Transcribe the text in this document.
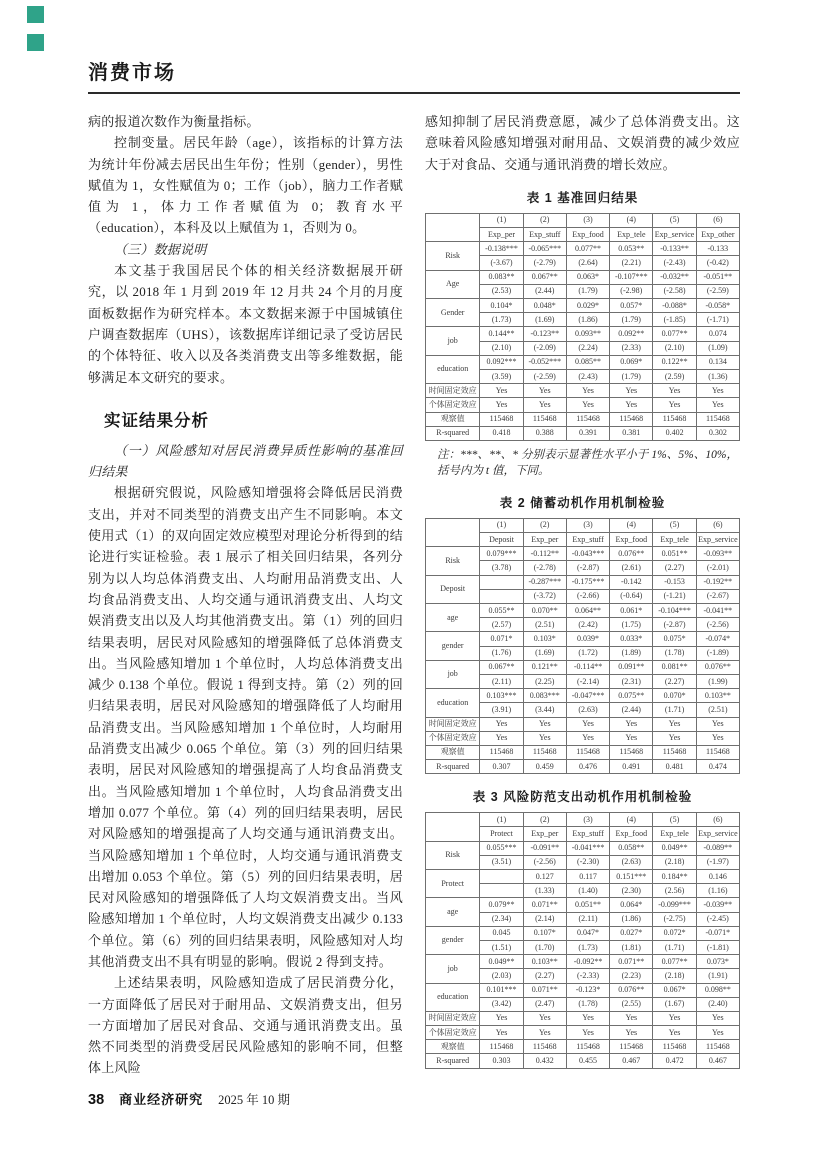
消费市场

病的报道次数作为衡量指标。

控制变量。居民年龄（age），该指标的计算方法为统计年份减去居民出生年份；性别（gender），男性赋值为 1，女性赋值为 0；工作（job），脑力工作者赋值为 1，体力工作者赋值为 0；教育水平（education），本科及以上赋值为 1，否则为 0。

（三）数据说明

本文基于我国居民个体的相关经济数据展开研究，以 2018 年 1 月到 2019 年 12 月共 24 个月的月度面板数据作为研究样本。本文数据来源于中国城镇住户调查数据库（UHS），该数据库详细记录了受访居民的个体特征、收入以及各类消费支出等多维数据，能够满足本文研究的要求。

实证结果分析

（一）风险感知对居民消费异质性影响的基准回归结果

根据研究假说，风险感知增强将会降低居民消费支出，并对不同类型的消费支出产生不同影响。本文使用式（1）的双向固定效应模型对理论分析得到的结论进行实证检验。表 1 展示了相关回归结果，各列分别为以人均总体消费支出、人均耐用品消费支出、人均食品消费支出、人均交通与通讯消费支出、人均文娱消费支出以及人均其他消费支出。第（1）列的回归结果表明，居民对风险感知的增强降低了总体消费支出。当风险感知增加 1 个单位时，人均总体消费支出减少 0.138 个单位。假说 1 得到支持。第（2）列的回归结果表明，居民对风险感知的增强降低了人均耐用品消费支出。当风险感知增加 1 个单位时，人均耐用品消费支出减少 0.065 个单位。第（3）列的回归结果表明，居民对风险感知的增强提高了人均食品消费支出。当风险感知增加 1 个单位时，人均食品消费支出增加 0.077 个单位。第（4）列的回归结果表明，居民对风险感知的增强提高了人均交通与通讯消费支出。当风险感知增加 1 个单位时，人均交通与通讯消费支出增加 0.053 个单位。第（5）列的回归结果表明，居民对风险感知的增强降低了人均文娱消费支出。当风险感知增加 1 个单位时，人均文娱消费支出减少 0.133 个单位。第（6）列的回归结果表明，风险感知对人均其他消费支出不具有明显的影响。假说 2 得到支持。

上述结果表明，风险感知造成了居民消费分化，一方面降低了居民对于耐用品、文娱消费支出，但另一方面增加了居民对食品、交通与通讯消费支出。虽然不同类型的消费受居民风险感知的影响不同，但整体上风险

感知抑制了居民消费意愿，减少了总体消费支出。这意味着风险感知增强对耐用品、文娱消费的减少效应大于对食品、交通与通讯消费的增长效应。

表 1 基准回归结果
	(1)	(2)	(3)	(4)	(5)	(6)
	Exp_per	Exp_stuff	Exp_food	Exp_tele	Exp_service	Exp_other
Risk	-0.138***	-0.065***	0.077**	0.053**	-0.133**	-0.133
	(-3.67)	(-2.79)	(2.64)	(2.21)	(-2.43)	(-0.42)
Age	0.083**	0.067**	0.063*	-0.107***	-0.032**	-0.051**
	(2.53)	(2.44)	(1.79)	(-2.98)	(-2.58)	(-2.59)
Gender	0.104*	0.048*	0.029*	0.057*	-0.088*	-0.058*
	(1.73)	(1.69)	(1.86)	(1.79)	(-1.85)	(-1.71)
job	0.144**	-0.123**	0.093**	0.092**	0.077**	0.074
	(2.10)	(-2.09)	(2.24)	(2.33)	(2.10)	(1.09)
education	0.092***	-0.052***	0.085**	0.069*	0.122**	0.134
	(3.59)	(-2.59)	(2.43)	(1.79)	(2.59)	(1.36)
时间固定效应	Yes	Yes	Yes	Yes	Yes	Yes
个体固定效应	Yes	Yes	Yes	Yes	Yes	Yes
观察值	115468	115468	115468	115468	115468	115468
R-squared	0.418	0.388	0.391	0.381	0.402	0.302
注：***、**、* 分别表示显著性水平小于 1%、5%、10%，括号内为 t 值，下同。
表 2 储蓄动机作用机制检验
	(1)	(2)	(3)	(4)	(5)	(6)
	Deposit	Exp_per	Exp_stuff	Exp_food	Exp_tele	Exp_service
Risk	0.079***	-0.112**	-0.043***	0.076**	0.051**	-0.093**
	(3.78)	(-2.78)	(-2.87)	(2.61)	(2.27)	(-2.01)
Deposit		-0.287***	-0.175***	-0.142	-0.153	-0.192**
		(-3.72)	(-2.66)	(-0.64)	(-1.21)	(-2.67)
age	0.055**	0.070**	0.064**	0.061*	-0.104***	-0.041**
	(2.57)	(2.51)	(2.42)	(1.75)	(-2.87)	(-2.56)
gender	0.071*	0.103*	0.039*	0.033*	0.075*	-0.074*
	(1.76)	(1.69)	(1.72)	(1.89)	(1.78)	(-1.89)
job	0.067**	0.121**	-0.114**	0.091**	0.081**	0.076**
	(2.11)	(2.25)	(-2.14)	(2.31)	(2.27)	(1.99)
education	0.103***	0.083***	-0.047***	0.075**	0.070*	0.103**
	(3.91)	(3.44)	(2.63)	(2.44)	(1.71)	(2.51)
时间固定效应	Yes	Yes	Yes	Yes	Yes	Yes
个体固定效应	Yes	Yes	Yes	Yes	Yes	Yes
观察值	115468	115468	115468	115468	115468	115468
R-squared	0.307	0.459	0.476	0.491	0.481	0.474
表 3 风险防范支出动机作用机制检验
	(1)	(2)	(3)	(4)	(5)	(6)
	Protect	Exp_per	Exp_stuff	Exp_food	Exp_tele	Exp_service
Risk	0.055***	-0.091**	-0.041***	0.058**	0.049**	-0.089**
	(3.51)	(-2.56)	(-2.30)	(2.63)	(2.18)	(-1.97)
Protect		0.127	0.117	0.151***	0.184**	0.146
		(1.33)	(1.40)	(2.30)	(2.56)	(1.16)
age	0.079**	0.071**	0.051**	0.064*	-0.099***	-0.039**
	(2.34)	(2.14)	(2.11)	(1.86)	(-2.75)	(-2.45)
gender	0.045	0.107*	0.047*	0.027*	0.072*	-0.071*
	(1.51)	(1.70)	(1.73)	(1.81)	(1.71)	(-1.81)
job	0.049**	0.103**	-0.092**	0.071**	0.077**	0.073*
	(2.03)	(2.27)	(-2.33)	(2.23)	(2.18)	(1.91)
education	0.101***	0.071**	-0.123*	0.076**	0.067*	0.098**
	(3.42)	(2.47)	(1.78)	(2.55)	(1.67)	(2.40)
时间固定效应	Yes	Yes	Yes	Yes	Yes	Yes
个体固定效应	Yes	Yes	Yes	Yes	Yes	Yes
观察值	115468	115468	115468	115468	115468	115468
R-squared	0.303	0.432	0.455	0.467	0.472	0.467
38 商业经济研究 2025 年 10 期
